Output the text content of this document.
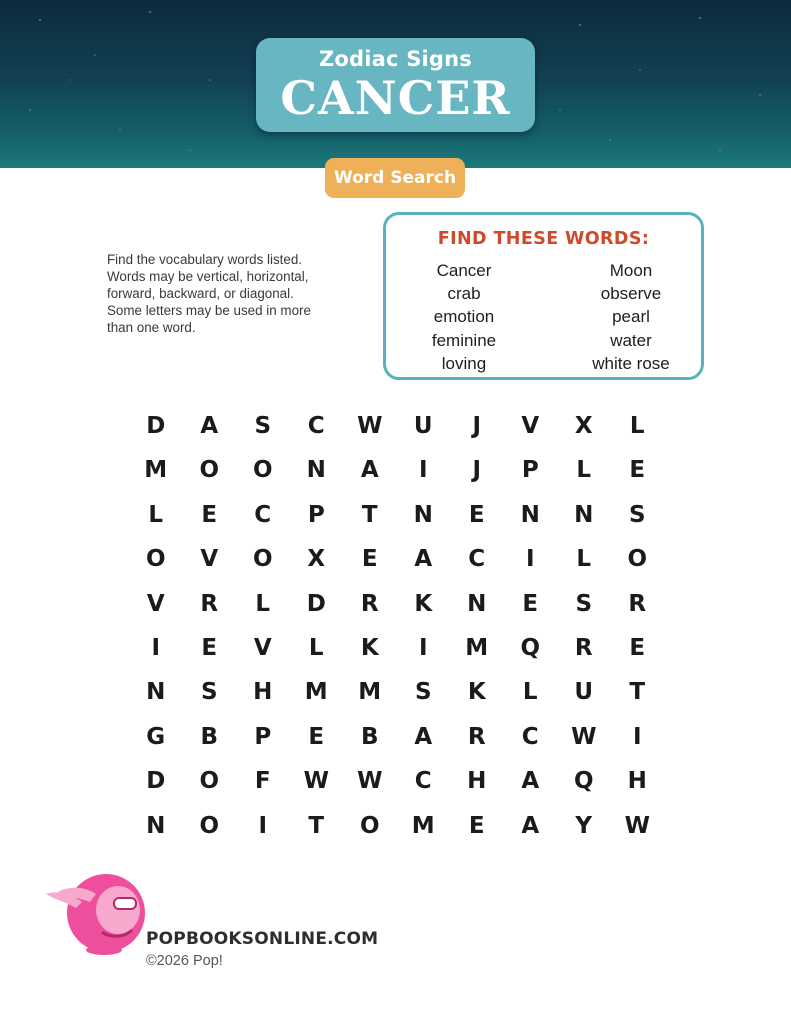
Zodiac Signs
CANCER
Word Search
Find the vocabulary words listed. Words may be vertical, horizontal, forward, backward, or diagonal. Some letters may be used in more than one word.
FIND THESE WORDS:
Cancer
crab
emotion
feminine
loving
Moon
observe
pearl
water
white rose
D	A	S	C	W	U	J	V	X	L
M	O	O	N	A	I	J	P	L	E
L	E	C	P	T	N	E	N	N	S
O	V	O	X	E	A	C	I	L	O
V	R	L	D	R	K	N	E	S	R
I	E	V	L	K	I	M	Q	R	E
N	S	H	M	M	S	K	L	U	T
G	B	P	E	B	A	R	C	W	I
D	O	F	W	W	C	H	A	Q	H
N	O	I	T	O	M	E	A	Y	W
POPBOOKSONLINE.COM
©2026 Pop!
